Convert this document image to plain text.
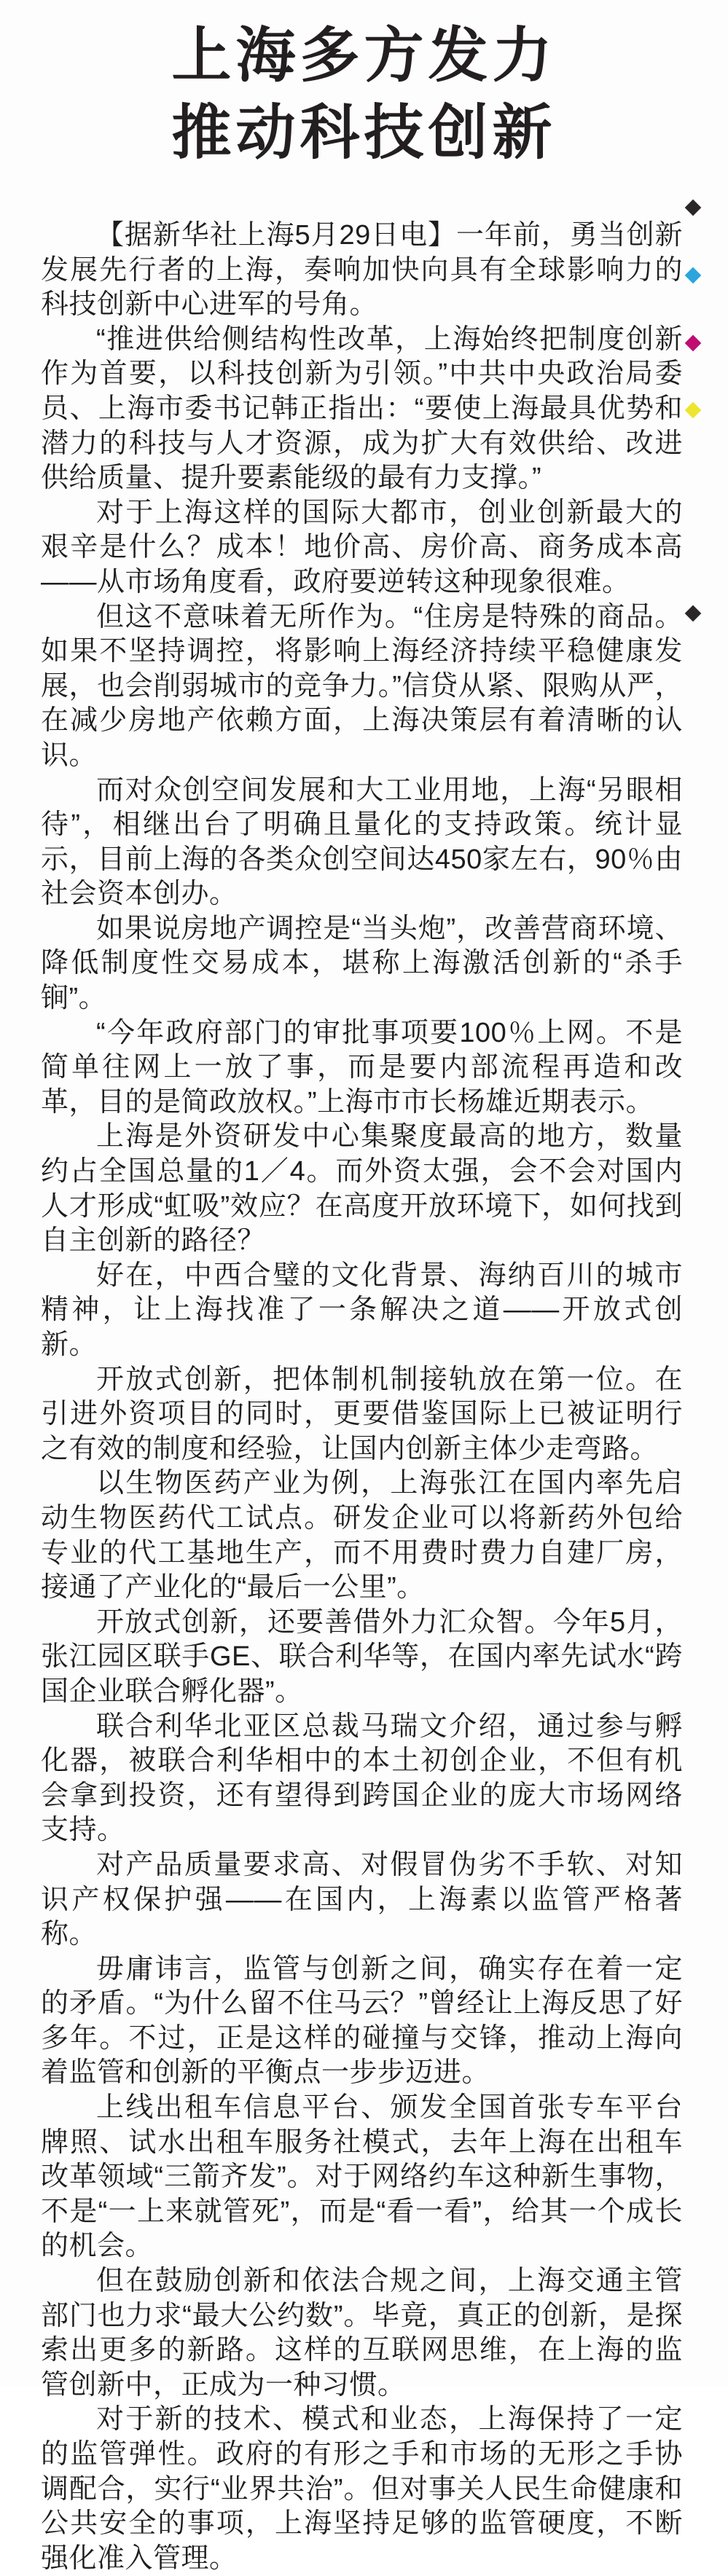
上海多方发力
推动科技创新

【据新华社上海5月29日电】一年前，勇当创新发展先行者的上海，奏响加快向具有全球影响力的科技创新中心进军的号角。

“推进供给侧结构性改革，上海始终把制度创新作为首要，以科技创新为引领。”中共中央政治局委员、上海市委书记韩正指出：“要使上海最具优势和潜力的科技与人才资源，成为扩大有效供给、改进供给质量、提升要素能级的最有力支撑。”

对于上海这样的国际大都市，创业创新最大的艰辛是什么？成本！地价高、房价高、商务成本高——从市场角度看，政府要逆转这种现象很难。

但这不意味着无所作为。“住房是特殊的商品。如果不坚持调控，将影响上海经济持续平稳健康发展，也会削弱城市的竞争力。”信贷从紧、限购从严，在减少房地产依赖方面，上海决策层有着清晰的认识。

而对众创空间发展和大工业用地，上海“另眼相待”，相继出台了明确且量化的支持政策。统计显示，目前上海的各类众创空间达450家左右，90％由社会资本创办。

如果说房地产调控是“当头炮”，改善营商环境、降低制度性交易成本，堪称上海激活创新的“杀手锏”。

“今年政府部门的审批事项要100％上网。不是简单往网上一放了事，而是要内部流程再造和改革，目的是简政放权。”上海市市长杨雄近期表示。

上海是外资研发中心集聚度最高的地方，数量约占全国总量的1／4。而外资太强，会不会对国内人才形成“虹吸”效应？在高度开放环境下，如何找到自主创新的路径？

好在，中西合璧的文化背景、海纳百川的城市精神，让上海找准了一条解决之道——开放式创新。

开放式创新，把体制机制接轨放在第一位。在引进外资项目的同时，更要借鉴国际上已被证明行之有效的制度和经验，让国内创新主体少走弯路。

以生物医药产业为例，上海张江在国内率先启动生物医药代工试点。研发企业可以将新药外包给专业的代工基地生产，而不用费时费力自建厂房，接通了产业化的“最后一公里”。

开放式创新，还要善借外力汇众智。今年5月，张江园区联手GE、联合利华等，在国内率先试水“跨国企业联合孵化器”。

联合利华北亚区总裁马瑞文介绍，通过参与孵化器，被联合利华相中的本土初创企业，不但有机会拿到投资，还有望得到跨国企业的庞大市场网络支持。

对产品质量要求高、对假冒伪劣不手软、对知识产权保护强——在国内，上海素以监管严格著称。

毋庸讳言，监管与创新之间，确实存在着一定的矛盾。“为什么留不住马云？”曾经让上海反思了好多年。不过，正是这样的碰撞与交锋，推动上海向着监管和创新的平衡点一步步迈进。

上线出租车信息平台、颁发全国首张专车平台牌照、试水出租车服务社模式，去年上海在出租车改革领域“三箭齐发”。对于网络约车这种新生事物，不是“一上来就管死”，而是“看一看”，给其一个成长的机会。

但在鼓励创新和依法合规之间，上海交通主管部门也力求“最大公约数”。毕竟，真正的创新，是探索出更多的新路。这样的互联网思维，在上海的监管创新中，正成为一种习惯。

对于新的技术、模式和业态，上海保持了一定的监管弹性。政府的有形之手和市场的无形之手协调配合，实行“业界共治”。但对事关人民生命健康和公共安全的事项，上海坚持足够的监管硬度，不断强化准入管理。
